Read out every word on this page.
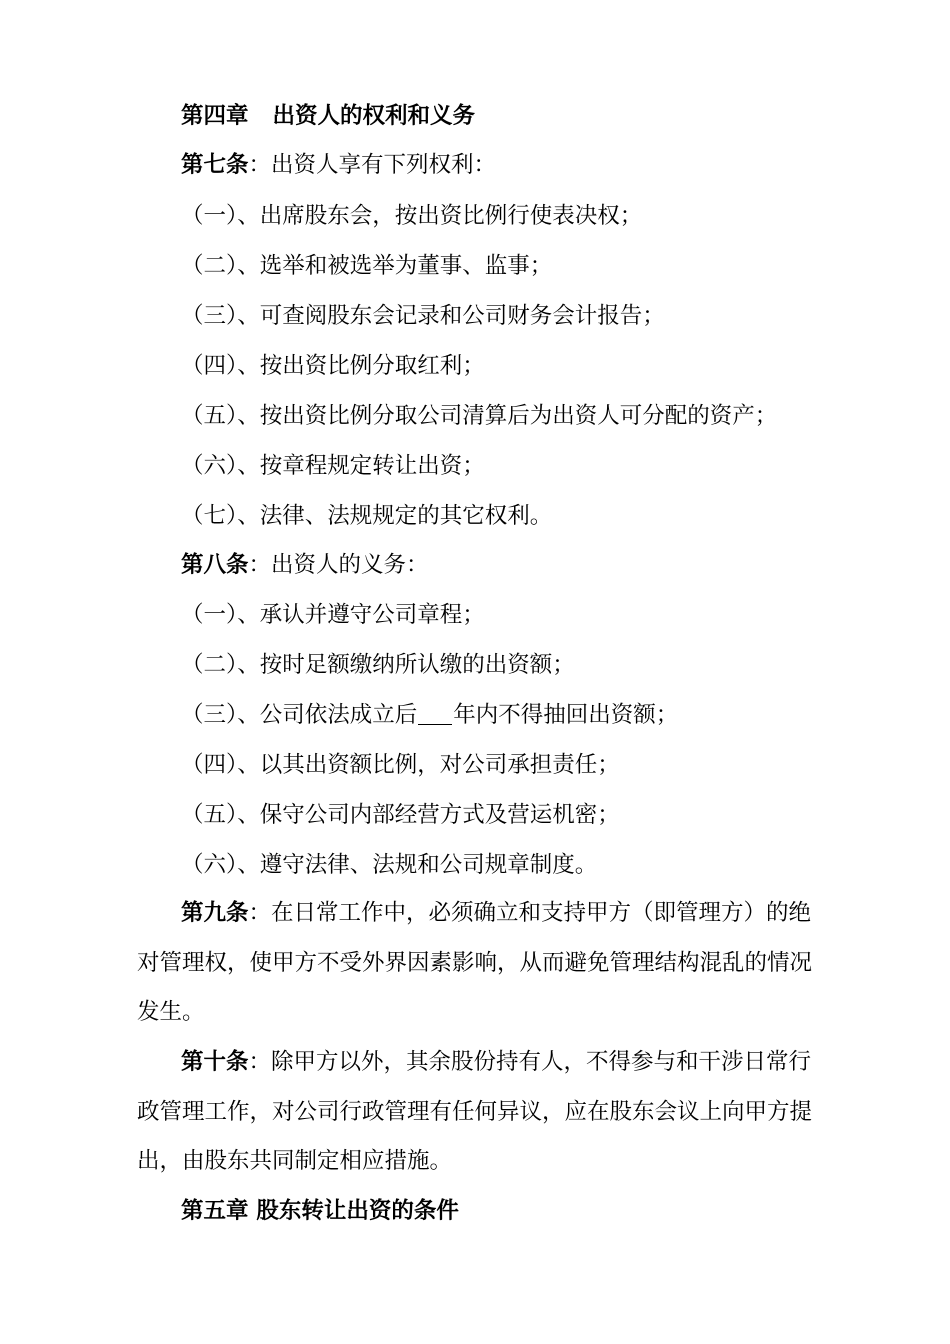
第四章 出资人的权利和义务
第七条：出资人享有下列权利：
（一）、出席股东会，按出资比例行使表决权；
（二）、选举和被选举为董事、监事；
（三）、可查阅股东会记录和公司财务会计报告；
（四）、按出资比例分取红利；
（五）、按出资比例分取公司清算后为出资人可分配的资产；
（六）、按章程规定转让出资；
（七）、法律、法规规定的其它权利。
第八条：出资人的义务：
（一）、承认并遵守公司章程；
（二）、按时足额缴纳所认缴的出资额；
（三）、公司依法成立后 年内不得抽回出资额；
（四）、以其出资额比例，对公司承担责任；
（五）、保守公司内部经营方式及营运机密；
（六）、遵守法律、法规和公司规章制度。
第九条：在日常工作中，必须确立和支持甲方（即管理方）的绝
对管理权，使甲方不受外界因素影响，从而避免管理结构混乱的情况
发生。
第十条：除甲方以外，其余股份持有人，不得参与和干涉日常行
政管理工作，对公司行政管理有任何异议，应在股东会议上向甲方提
出，由股东共同制定相应措施。
第五章 股东转让出资的条件
